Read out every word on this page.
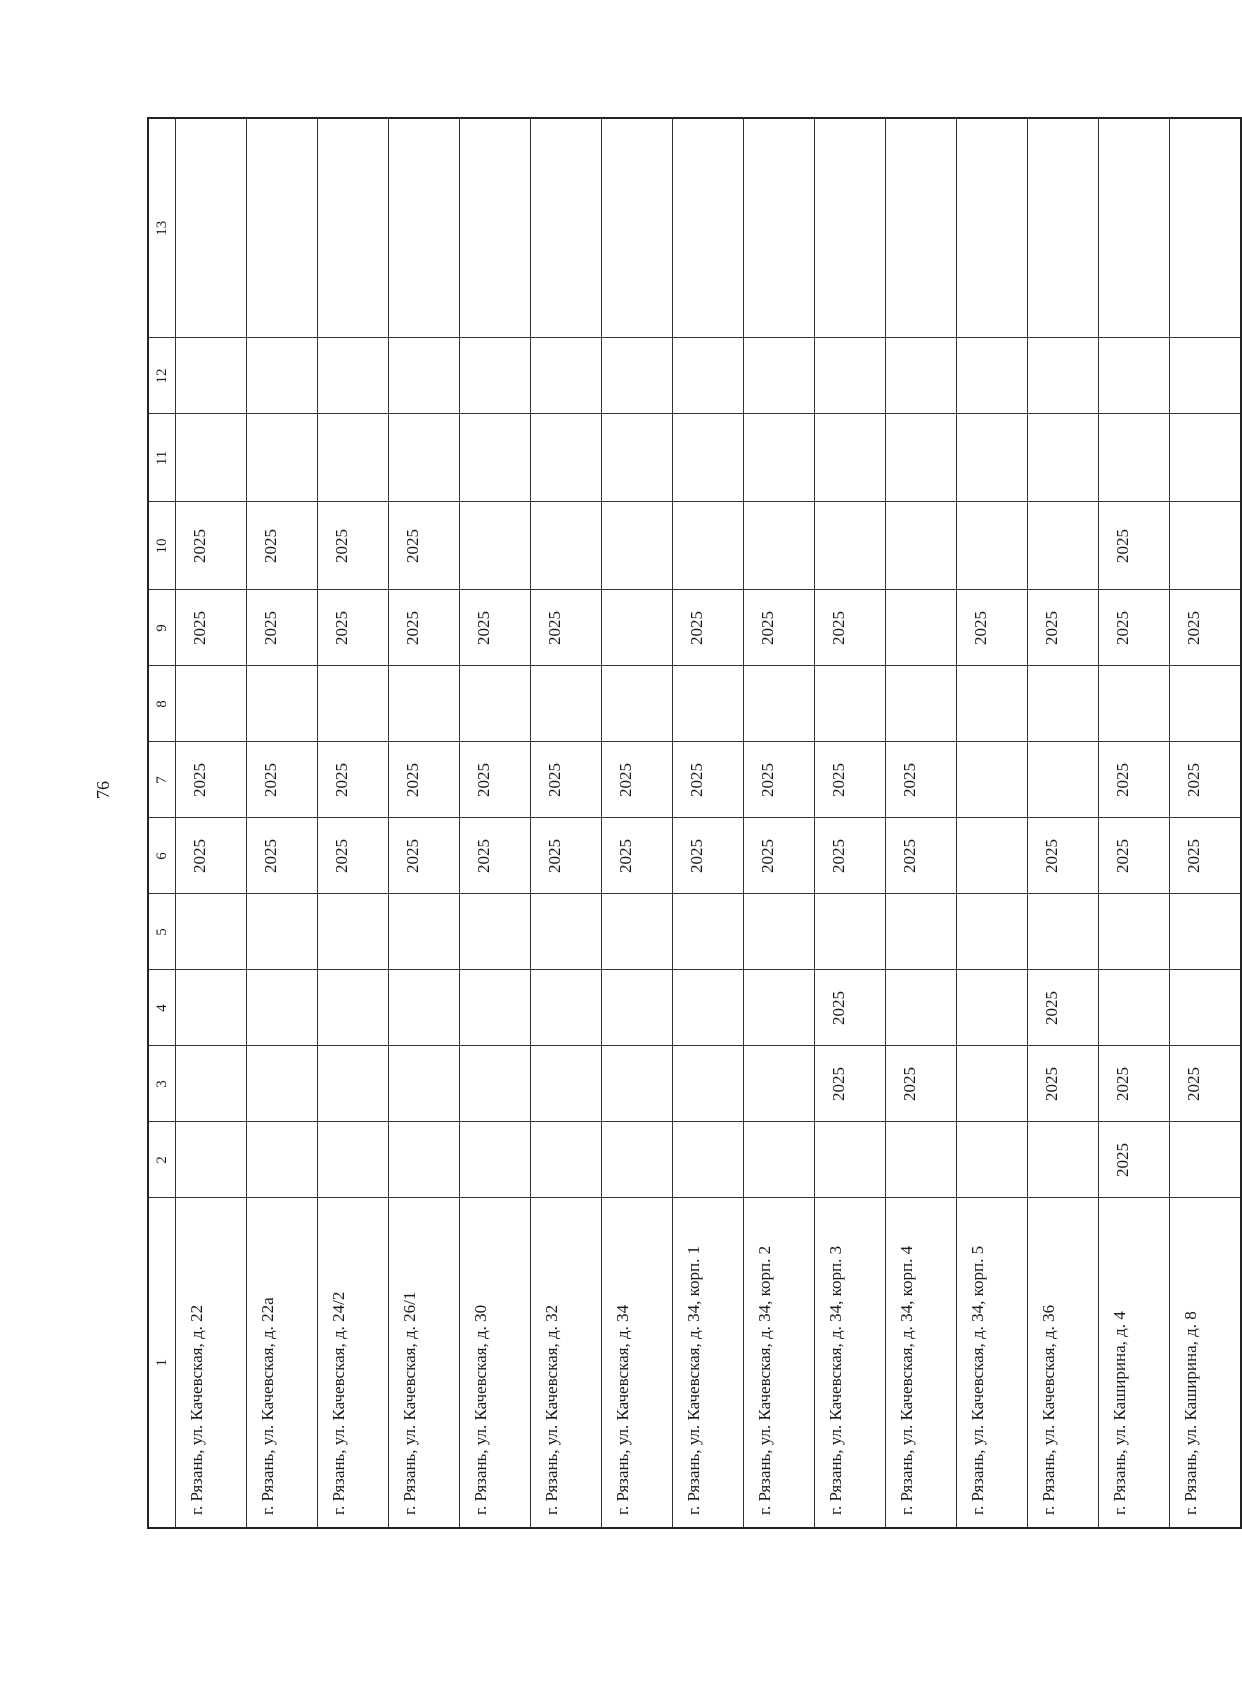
76
1	2	3	4	5	6	7	8	9	10	11	12	13
г. Рязань, ул. Качевская, д. 22					2025	2025		2025	2025			
г. Рязань, ул. Качевская, д. 22а					2025	2025		2025	2025			
г. Рязань, ул. Качевская, д. 24/2					2025	2025		2025	2025			
г. Рязань, ул. Качевская, д. 26/1					2025	2025		2025	2025			
г. Рязань, ул. Качевская, д. 30					2025	2025		2025				
г. Рязань, ул. Качевская, д. 32					2025	2025		2025				
г. Рязань, ул. Качевская, д. 34					2025	2025						
г. Рязань, ул. Качевская, д. 34, корп. 1					2025	2025		2025				
г. Рязань, ул. Качевская, д. 34, корп. 2					2025	2025		2025				
г. Рязань, ул. Качевская, д. 34, корп. 3		2025	2025		2025	2025		2025				
г. Рязань, ул. Качевская, д. 34, корп. 4		2025			2025	2025						
г. Рязань, ул. Качевская, д. 34, корп. 5								2025				
г. Рязань, ул. Качевская, д. 36		2025	2025		2025			2025				
г. Рязань, ул. Каширина, д. 4	2025	2025			2025	2025		2025	2025			
г. Рязань, ул. Каширина, д. 8		2025			2025	2025		2025				
